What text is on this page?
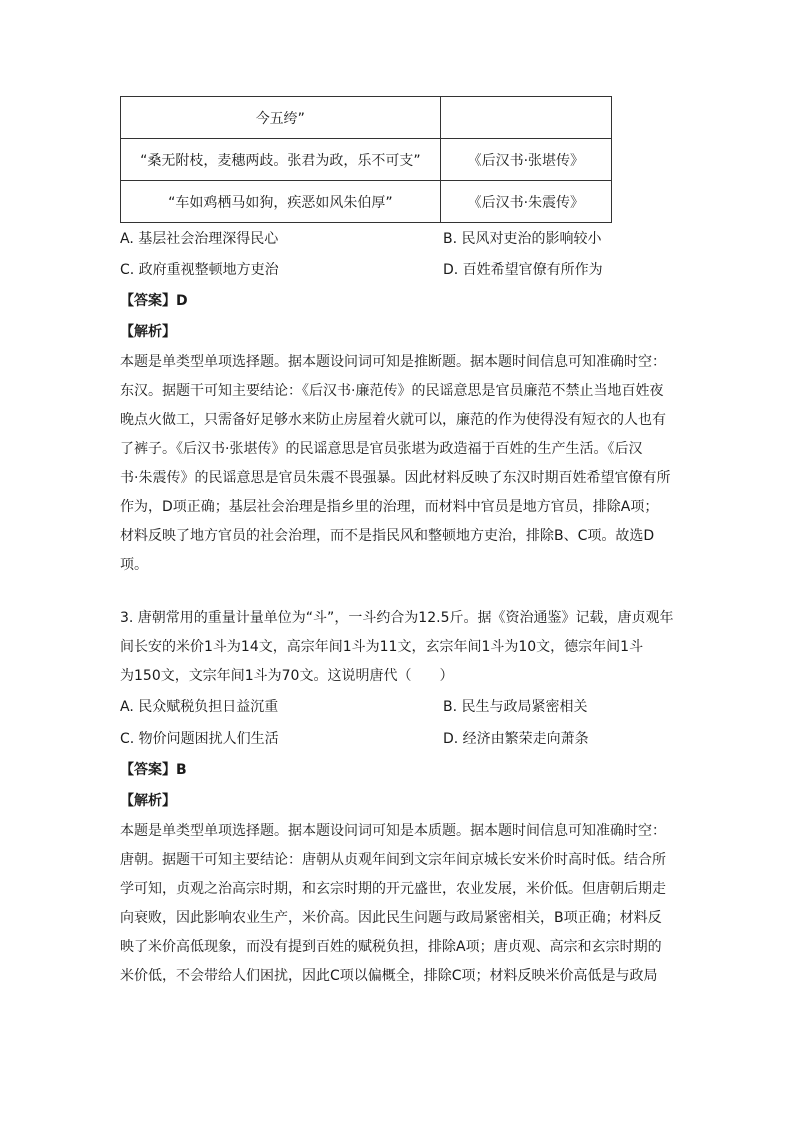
今五绔”	
“桑无附枝，麦穗两歧。张君为政，乐不可支”	《后汉书·张堪传》
“车如鸡栖马如狗，疾恶如风朱伯厚”	《后汉书·朱震传》
A. 基层社会治理深得民心	B. 民风对吏治的影响较小
C. 政府重视整顿地方吏治	D. 百姓希望官僚有所作为
【答案】D
【解析】
本题是单类型单项选择题。据本题设问词可知是推断题。据本题时间信息可知准确时空：
东汉。据题干可知主要结论：《后汉书·廉范传》的民谣意思是官员廉范不禁止当地百姓夜
晚点火做工，只需备好足够水来防止房屋着火就可以，廉范的作为使得没有短衣的人也有
了裤子。《后汉书·张堪传》的民谣意思是官员张堪为政造福于百姓的生产生活。《后汉
书·朱震传》的民谣意思是官员朱震不畏强暴。因此材料反映了东汉时期百姓希望官僚有所
作为，D项正确；基层社会治理是指乡里的治理，而材料中官员是地方官员，排除A项；
材料反映了地方官员的社会治理，而不是指民风和整顿地方吏治，排除B、C项。故选D
项。
3. 唐朝常用的重量计量单位为“斗”，一斗约合为12.5斤。据《资治通鉴》记载，唐贞观年
间长安的米价1斗为14文，高宗年间1斗为11文，玄宗年间1斗为10文，德宗年间1斗
为150文，文宗年间1斗为70文。这说明唐代（　　）
A. 民众赋税负担日益沉重	B. 民生与政局紧密相关
C. 物价问题困扰人们生活	D. 经济由繁荣走向萧条
【答案】B
【解析】
本题是单类型单项选择题。据本题设问词可知是本质题。据本题时间信息可知准确时空：
唐朝。据题干可知主要结论：唐朝从贞观年间到文宗年间京城长安米价时高时低。结合所
学可知，贞观之治高宗时期，和玄宗时期的开元盛世，农业发展，米价低。但唐朝后期走
向衰败，因此影响农业生产，米价高。因此民生问题与政局紧密相关，B项正确；材料反
映了米价高低现象，而没有提到百姓的赋税负担，排除A项；唐贞观、高宗和玄宗时期的
米价低，不会带给人们困扰，因此C项以偏概全，排除C项；材料反映米价高低是与政局
